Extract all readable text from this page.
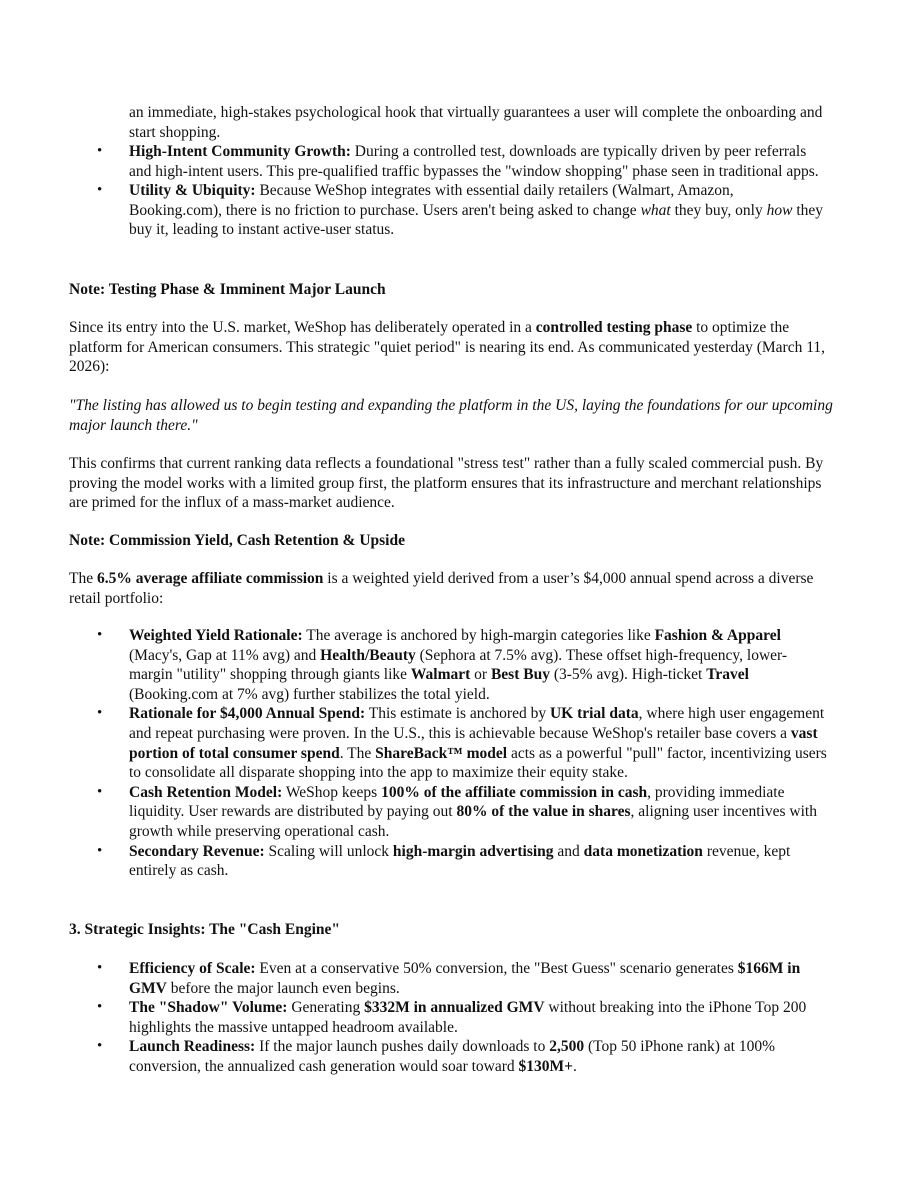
an immediate, high-stakes psychological hook that virtually guarantees a user will complete the onboarding and start shopping.
• High-Intent Community Growth: During a controlled test, downloads are typically driven by peer referrals and high-intent users. This pre-qualified traffic bypasses the "window shopping" phase seen in traditional apps.
• Utility & Ubiquity: Because WeShop integrates with essential daily retailers (Walmart, Amazon, Booking.com), there is no friction to purchase. Users aren't being asked to change what they buy, only how they buy it, leading to instant active-user status.
Note: Testing Phase & Imminent Major Launch
Since its entry into the U.S. market, WeShop has deliberately operated in a controlled testing phase to optimize the platform for American consumers. This strategic "quiet period" is nearing its end. As communicated yesterday (March 11, 2026):
"The listing has allowed us to begin testing and expanding the platform in the US, laying the foundations for our upcoming major launch there."
This confirms that current ranking data reflects a foundational "stress test" rather than a fully scaled commercial push. By proving the model works with a limited group first, the platform ensures that its infrastructure and merchant relationships are primed for the influx of a mass-market audience.
Note: Commission Yield, Cash Retention & Upside
The 6.5% average affiliate commission is a weighted yield derived from a user’s $4,000 annual spend across a diverse retail portfolio:
• Weighted Yield Rationale: The average is anchored by high-margin categories like Fashion & Apparel (Macy's, Gap at 11% avg) and Health/Beauty (Sephora at 7.5% avg). These offset high-frequency, lower-margin "utility" shopping through giants like Walmart or Best Buy (3-5% avg). High-ticket Travel (Booking.com at 7% avg) further stabilizes the total yield.
• Rationale for $4,000 Annual Spend: This estimate is anchored by UK trial data, where high user engagement and repeat purchasing were proven. In the U.S., this is achievable because WeShop's retailer base covers a vast portion of total consumer spend. The ShareBack™ model acts as a powerful "pull" factor, incentivizing users to consolidate all disparate shopping into the app to maximize their equity stake.
• Cash Retention Model: WeShop keeps 100% of the affiliate commission in cash, providing immediate liquidity. User rewards are distributed by paying out 80% of the value in shares, aligning user incentives with growth while preserving operational cash.
• Secondary Revenue: Scaling will unlock high-margin advertising and data monetization revenue, kept entirely as cash.
3. Strategic Insights: The "Cash Engine"
• Efficiency of Scale: Even at a conservative 50% conversion, the "Best Guess" scenario generates $166M in GMV before the major launch even begins.
• The "Shadow" Volume: Generating $332M in annualized GMV without breaking into the iPhone Top 200 highlights the massive untapped headroom available.
• Launch Readiness: If the major launch pushes daily downloads to 2,500 (Top 50 iPhone rank) at 100% conversion, the annualized cash generation would soar toward $130M+.
